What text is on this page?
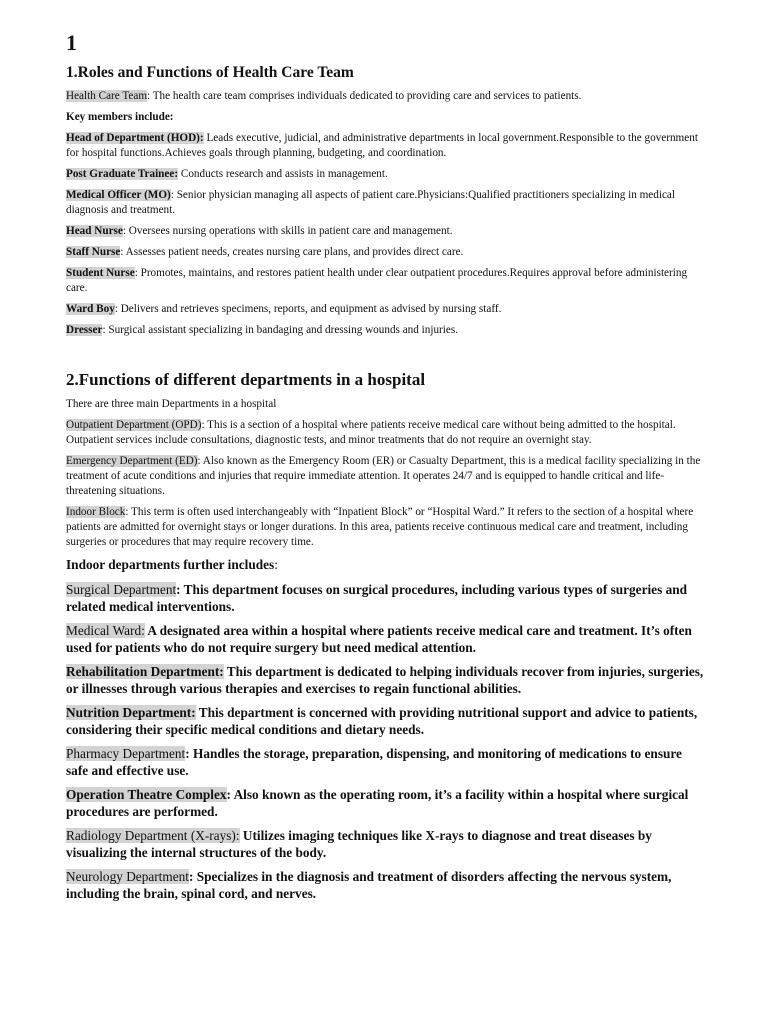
1
1.Roles and Functions of Health Care Team
Health Care Team: The health care team comprises individuals dedicated to providing care and services to patients.
Key members include:
Head of Department (HOD): Leads executive, judicial, and administrative departments in local government.Responsible to the government for hospital functions.Achieves goals through planning, budgeting, and coordination.
Post Graduate Trainee: Conducts research and assists in management.
Medical Officer (MO): Senior physician managing all aspects of patient care.Physicians:Qualified practitioners specializing in medical diagnosis and treatment.
Head Nurse: Oversees nursing operations with skills in patient care and management.
Staff Nurse: Assesses patient needs, creates nursing care plans, and provides direct care.
Student Nurse: Promotes, maintains, and restores patient health under clear outpatient procedures.Requires approval before administering care.
Ward Boy: Delivers and retrieves specimens, reports, and equipment as advised by nursing staff.
Dresser: Surgical assistant specializing in bandaging and dressing wounds and injuries.
2.Functions of different departments in a hospital
There are three main Departments in a hospital
Outpatient Department (OPD): This is a section of a hospital where patients receive medical care without being admitted to the hospital. Outpatient services include consultations, diagnostic tests, and minor treatments that do not require an overnight stay.
Emergency Department (ED): Also known as the Emergency Room (ER) or Casualty Department, this is a medical facility specializing in the treatment of acute conditions and injuries that require immediate attention. It operates 24/7 and is equipped to handle critical and life-threatening situations.
Indoor Block: This term is often used interchangeably with “Inpatient Block” or “Hospital Ward.” It refers to the section of a hospital where patients are admitted for overnight stays or longer durations. In this area, patients receive continuous medical care and treatment, including surgeries or procedures that may require recovery time.
Indoor departments further includes:
Surgical Department: This department focuses on surgical procedures, including various types of surgeries and related medical interventions.
Medical Ward: A designated area within a hospital where patients receive medical care and treatment. It’s often used for patients who do not require surgery but need medical attention.
Rehabilitation Department: This department is dedicated to helping individuals recover from injuries, surgeries, or illnesses through various therapies and exercises to regain functional abilities.
Nutrition Department: This department is concerned with providing nutritional support and advice to patients, considering their specific medical conditions and dietary needs.
Pharmacy Department: Handles the storage, preparation, dispensing, and monitoring of medications to ensure safe and effective use.
Operation Theatre Complex: Also known as the operating room, it’s a facility within a hospital where surgical procedures are performed.
Radiology Department (X-rays): Utilizes imaging techniques like X-rays to diagnose and treat diseases by visualizing the internal structures of the body.
Neurology Department: Specializes in the diagnosis and treatment of disorders affecting the nervous system, including the brain, spinal cord, and nerves.
